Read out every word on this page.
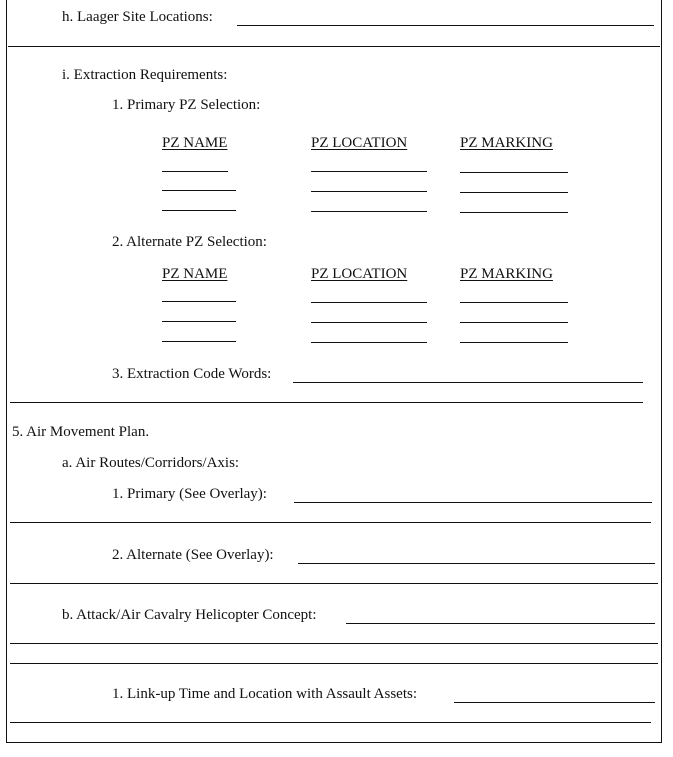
h. Laager Site Locations:
i. Extraction Requirements:
1. Primary PZ Selection:
PZ NAME	PZ LOCATION	PZ MARKING
2. Alternate PZ Selection:
PZ NAME	PZ LOCATION	PZ MARKING
3. Extraction Code Words:
5. Air Movement Plan.
a. Air Routes/Corridors/Axis:
1. Primary (See Overlay):
2. Alternate (See Overlay):
b. Attack/Air Cavalry Helicopter Concept:
1. Link-up Time and Location with Assault Assets:
